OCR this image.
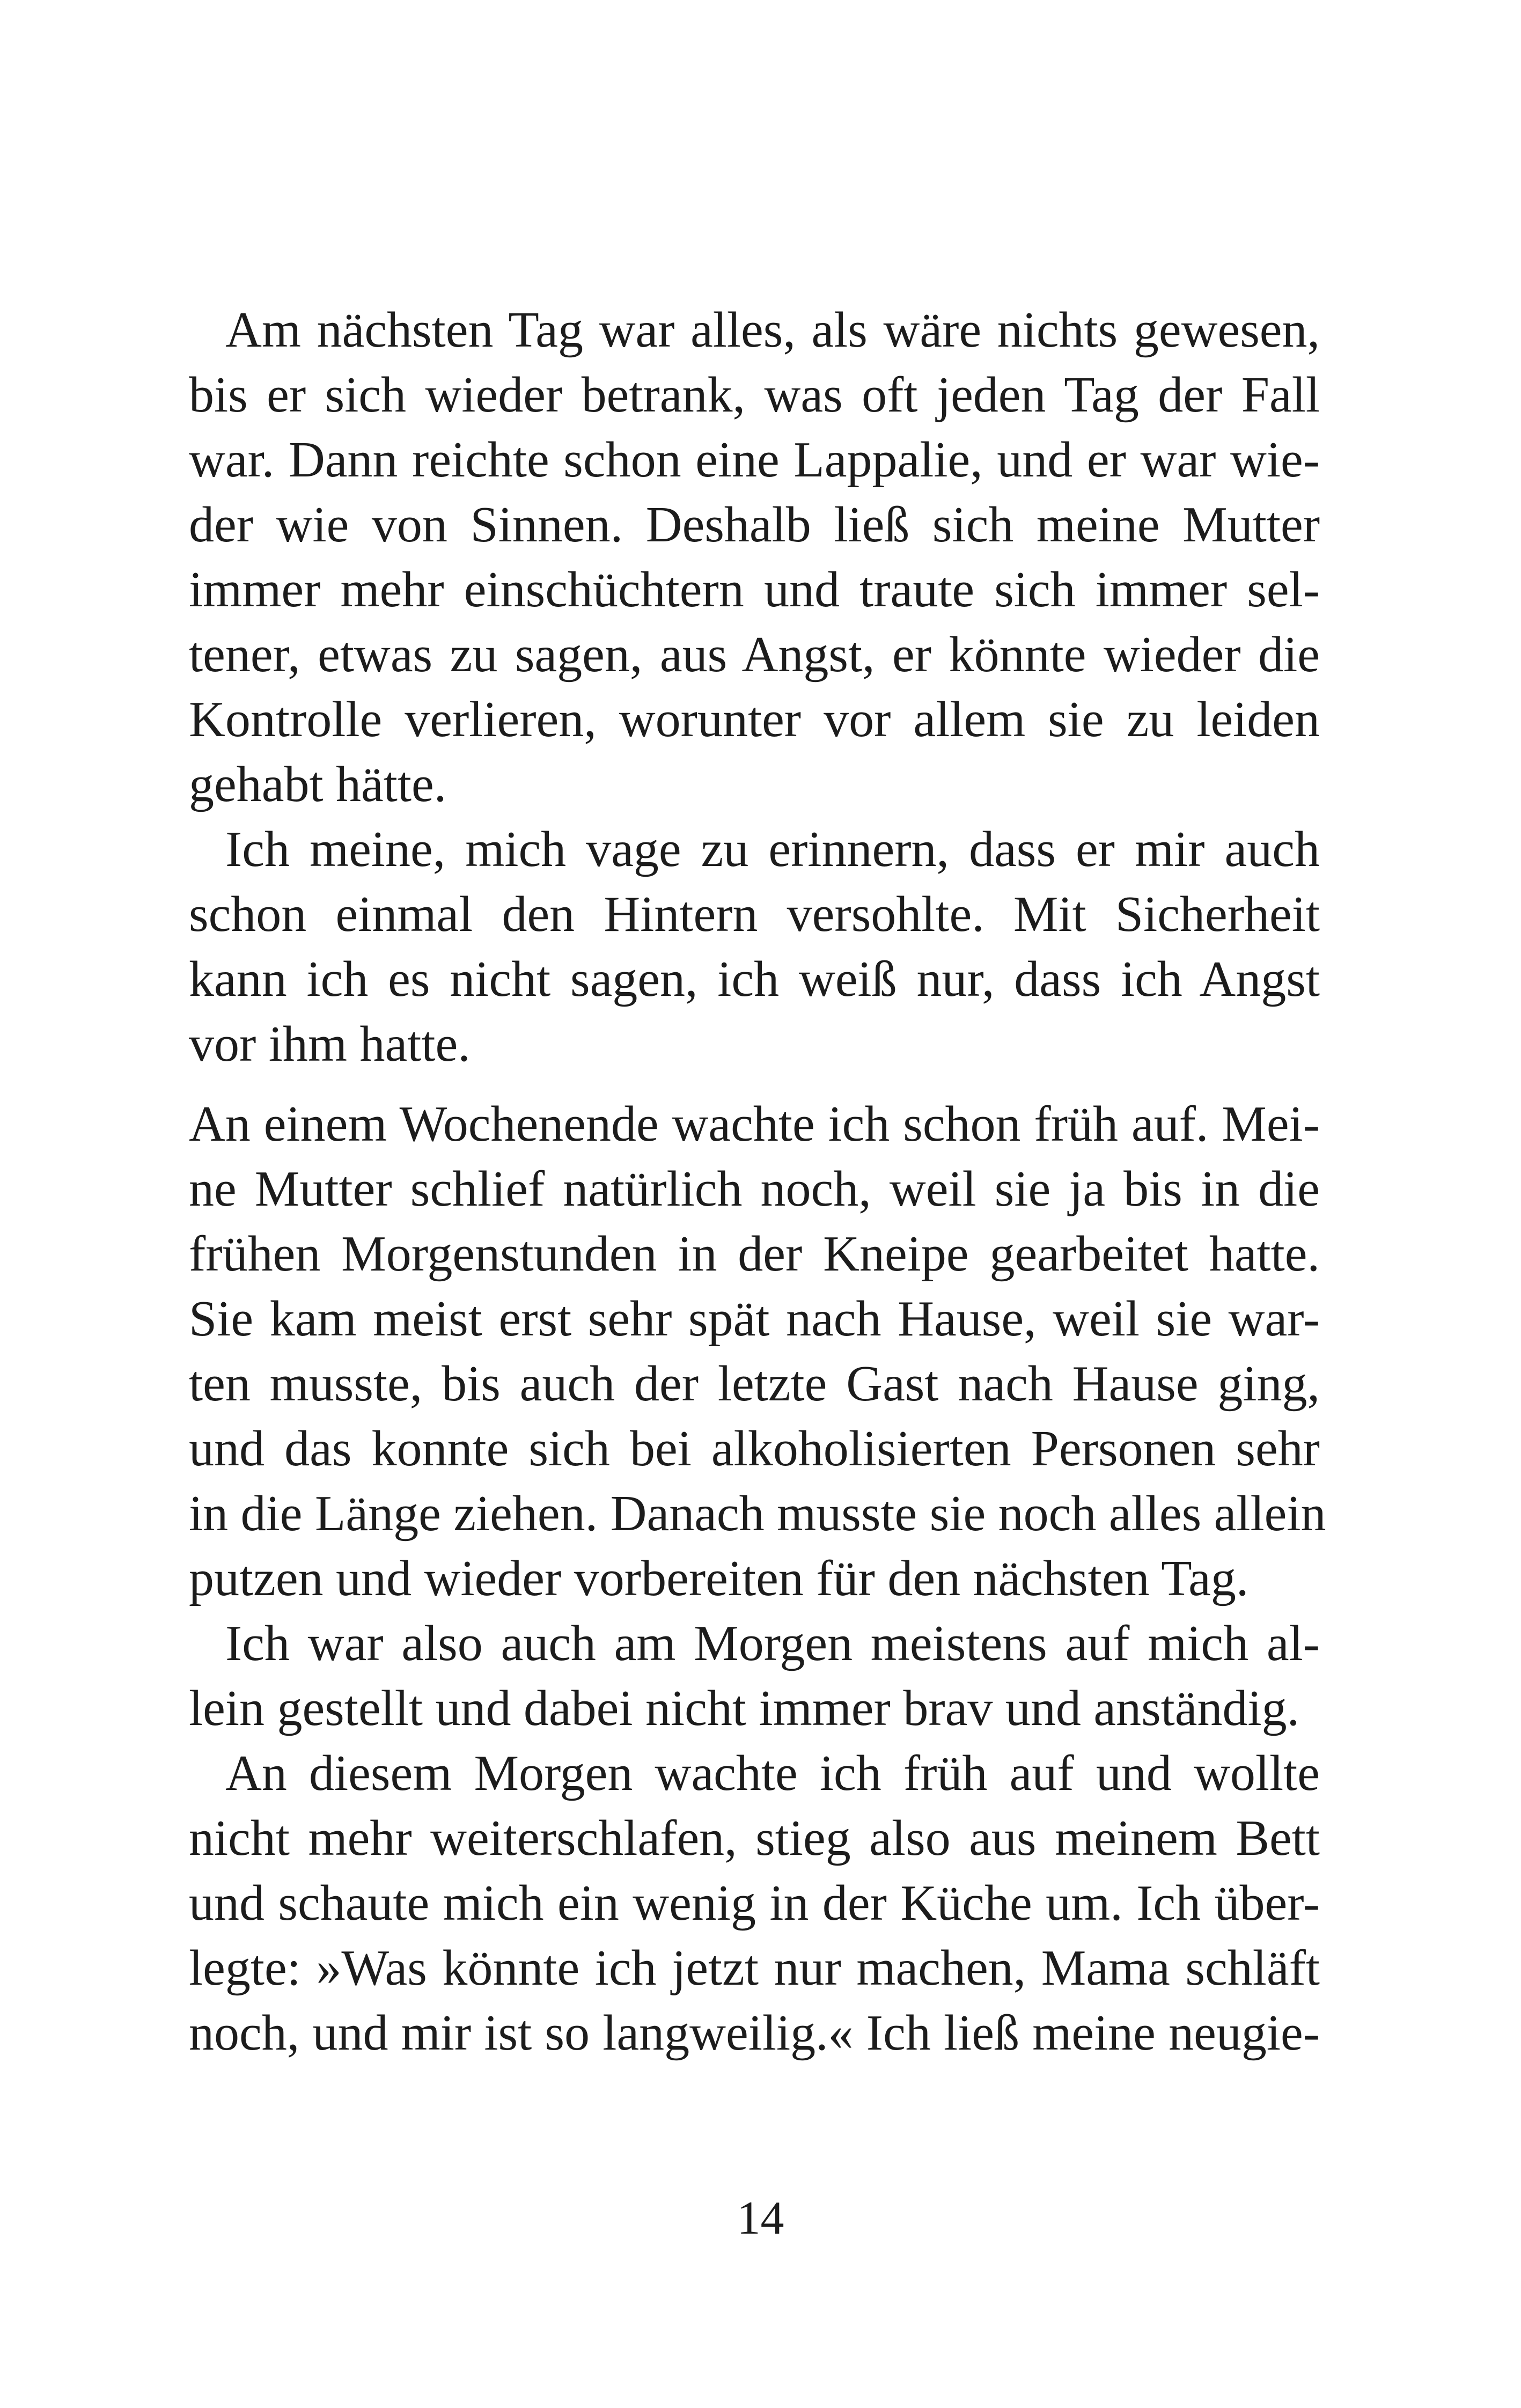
Am nächsten Tag war alles, als wäre nichts gewesen,
bis er sich wieder betrank, was oft jeden Tag der Fall
war. Dann reichte schon eine Lappalie, und er war wie-
der wie von Sinnen. Deshalb ließ sich meine Mutter
immer mehr einschüchtern und traute sich immer sel-
tener, etwas zu sagen, aus Angst, er könnte wieder die
Kontrolle verlieren, worunter vor allem sie zu leiden
gehabt hätte.
Ich meine, mich vage zu erinnern, dass er mir auch
schon einmal den Hintern versohlte. Mit Sicherheit
kann ich es nicht sagen, ich weiß nur, dass ich Angst
vor ihm hatte.
An einem Wochenende wachte ich schon früh auf. Mei-
ne Mutter schlief natürlich noch, weil sie ja bis in die
frühen Morgenstunden in der Kneipe gearbeitet hatte.
Sie kam meist erst sehr spät nach Hause, weil sie war-
ten musste, bis auch der letzte Gast nach Hause ging,
und das konnte sich bei alkoholisierten Personen sehr
in die Länge ziehen. Danach musste sie noch alles allein
putzen und wieder vorbereiten für den nächsten Tag.
Ich war also auch am Morgen meistens auf mich al-
lein gestellt und dabei nicht immer brav und anständig.
An diesem Morgen wachte ich früh auf und wollte
nicht mehr weiterschlafen, stieg also aus meinem Bett
und schaute mich ein wenig in der Küche um. Ich über-
legte: »Was könnte ich jetzt nur machen, Mama schläft
noch, und mir ist so langweilig.« Ich ließ meine neugie-
14
